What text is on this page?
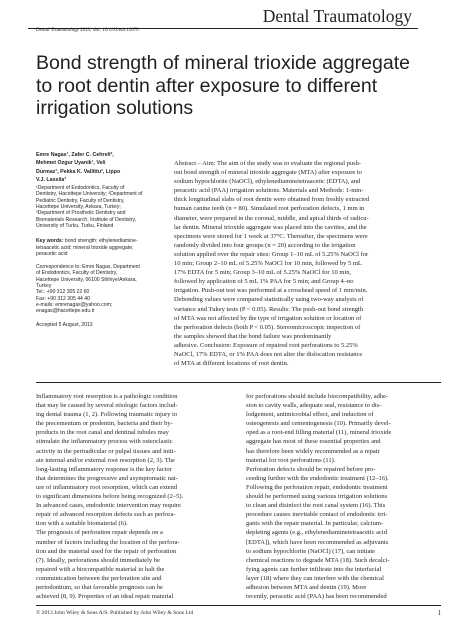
Dental Traumatology
Dental Traumatology 2013; doi: 10.1111/edt.12070
Bond strength of mineral trioxide aggregate
to root dentin after exposure to different
irrigation solutions
Emre Nagas¹, Zafer C. Cehreli²,
Mehmet Ozgur Uyanik¹, Veli
Durmaz¹, Pekka K. Vallittu³, Lippo
V.J. Lassila³
¹Department of Endodontics, Faculty of
Dentistry, Hacettepe University; ²Department of
Pediatric Dentistry, Faculty of Dentistry,
Hacettepe University, Ankara, Turkey;
³Department of Prosthetic Dentistry and
Biomaterials Research, Institute of Dentistry,
University of Turku, Turku, Finland
Key words: bond strength; ethylenediamine-
tetraacetic acid; mineral trioxide aggregate;
peracetic acid
Correspondence to: Emre Nagas, Department
of Endodontics, Faculty of Dentistry,
Hacettepe University, 06100 Sihhiye/Ankara,
Turkey
Tel.: +90 312 305 22 60
Fax: +90 312 305 44 40
e-mails: emrenagas@yahoo.com;
enagas@hacettepe.edu.tr
Accepted 5 August, 2013
Abstract – Aim: The aim of the study was to evaluate the regional push-
out bond strength of mineral trioxide aggregate (MTA) after exposure to
sodium hypochlorite (NaOCl), ethylenediaminetetraacetic (EDTA), and
peracetic acid (PAA) irrigation solutions. Materials and Methods: 1-mm-
thick longitudinal slabs of root dentin were obtained from freshly extracted
human canine teeth (n = 80). Simulated root perforation defects, 1 mm in
diameter, were prepared in the coronal, middle, and apical thirds of radicu-
lar dentin. Mineral trioxide aggregate was placed into the cavities, and the
specimens were stored for 1 week at 37°C. Thereafter, the specimens were
randomly divided into four groups (n = 20) according to the irrigation
solution applied over the repair sites: Group 1–10 mL of 5.25% NaOCl for
10 min; Group 2–10 mL of 5.25% NaOCl for 10 min, followed by 5 mL
17% EDTA for 5 min; Group 3–10 mL of 5.25% NaOCl for 10 min,
followed by application of 5 mL 1% PAA for 5 min; and Group 4–no
irrigation. Push-out test was performed at a crosshead speed of 1 mm/min.
Debonding values were compared statistically using two-way analysis of
variance and Tukey tests (P < 0.05). Results: The push-out bond strength
of MTA was not affected by the type of irrigation solution or location of
the perforation defects (both P < 0.05). Stereomicroscopic inspection of
the samples showed that the bond failure was predominantly
adhesive. Conclusion: Exposure of repaired root perforations to 5.25%
NaOCl, 17% EDTA, or 1% PAA does not alter the dislocation resistance
of MTA at different locations of root dentin.
Inflammatory root resorption is a pathologic condition
that may be caused by several etiologic factors includ-
ing dental trauma (1, 2). Following traumatic injury to
the precementum or predentin, bacteria and their by-
products in the root canal and dentinal tubules may
stimulate the inflammatory process with osteoclastic
activity in the periradicular or pulpal tissues and initi-
ate internal and/or external root resorption (2, 3). The
long-lasting inflammatory response is the key factor
that determines the progressive and asymptomatic nat-
ure of inflammatory root resorption, which can extend
to significant dimensions before being recognized (2–5).
In advanced cases, endodontic intervention may require
repair of advanced resorption defects such as perfora-
tion with a suitable biomaterial (6).
The prognosis of perforation repair depends on a
number of factors including the location of the perfora-
tion and the material used for the repair of perforation
(7). Ideally, perforations should immediately be
repaired with a biocompatible material to halt the
communication between the perforation site and
periodontium, so that favorable prognosis can be
achieved (8, 9). Properties of an ideal repair material
for perforations should include biocompatibility, adhe-
sion to cavity walls, adequate seal, resistance to dis-
lodgement, antimicrobial effect, and induction of
osteogenesis and cementogenesis (10). Primarily devel-
oped as a root-end filling material (11), mineral trioxide
aggregate has most of these essential properties and
has therefore been widely recommended as a repair
material for root perforations (11).
Perforation defects should be repaired before pro-
ceeding further with the endodontic treatment (12–16).
Following the perforation repair, endodontic treatment
should be performed using various irrigation solutions
to clean and disinfect the root canal system (16). This
procedure causes inevitable contact of endodontic irri-
gants with the repair material. In particular, calcium-
depleting agents (e.g., ethylenediaminetetraacetic acid
[EDTA]), which have been recommended as adjuvants
to sodium hypochlorite (NaOCl) (17), can initiate
chemical reactions to degrade MTA (18). Such decalci-
fying agents can further infiltrate into the interfacial
layer (18) where they can interfere with the chemical
adhesion between MTA and dentin (19). More
recently, peracetic acid (PAA) has been recommended
© 2013 John Wiley & Sons A/S. Published by John Wiley & Sons Ltd	1
